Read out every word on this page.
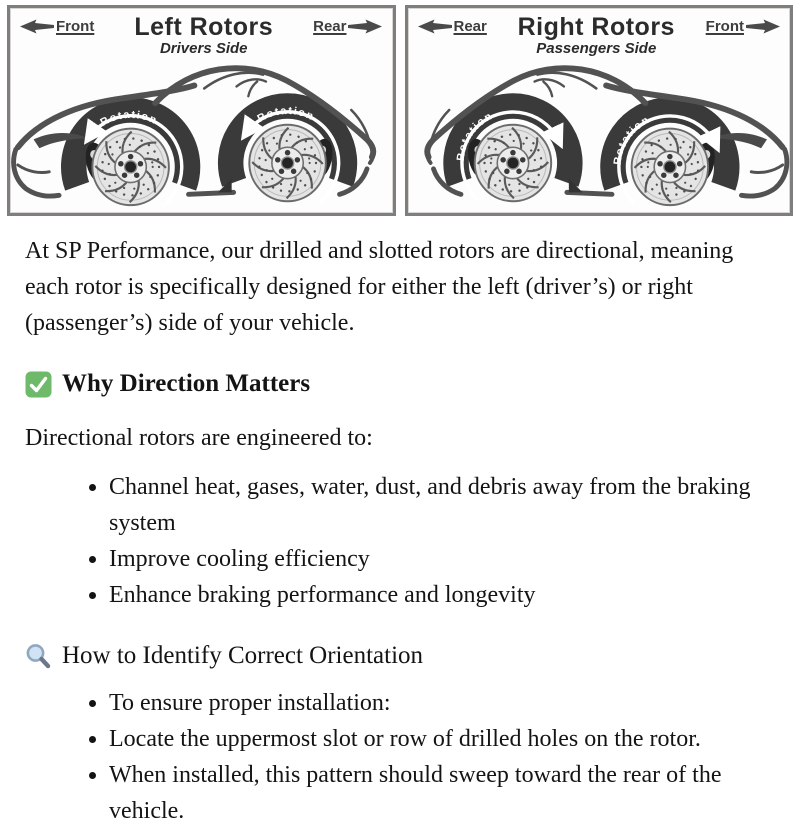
Front Left Rotors
Drivers Side
Rear
Rotation	Rotation
Rear Right Rotors
Passengers Side
Front
Rotation
Rotation

At SP Performance, our drilled and slotted rotors are directional, meaning each rotor is specifically designed for either the left (driver’s) or right (passenger’s) side of your vehicle.

Why Direction Matters

Directional rotors are engineered to:

• Channel heat, gases, water, dust, and debris away from the braking system
• Improve cooling efficiency
• Enhance braking performance and longevity
How to Identify Correct Orientation
• To ensure proper installation:
• Locate the uppermost slot or row of drilled holes on the rotor.
• When installed, this pattern should sweep toward the rear of the vehicle.
